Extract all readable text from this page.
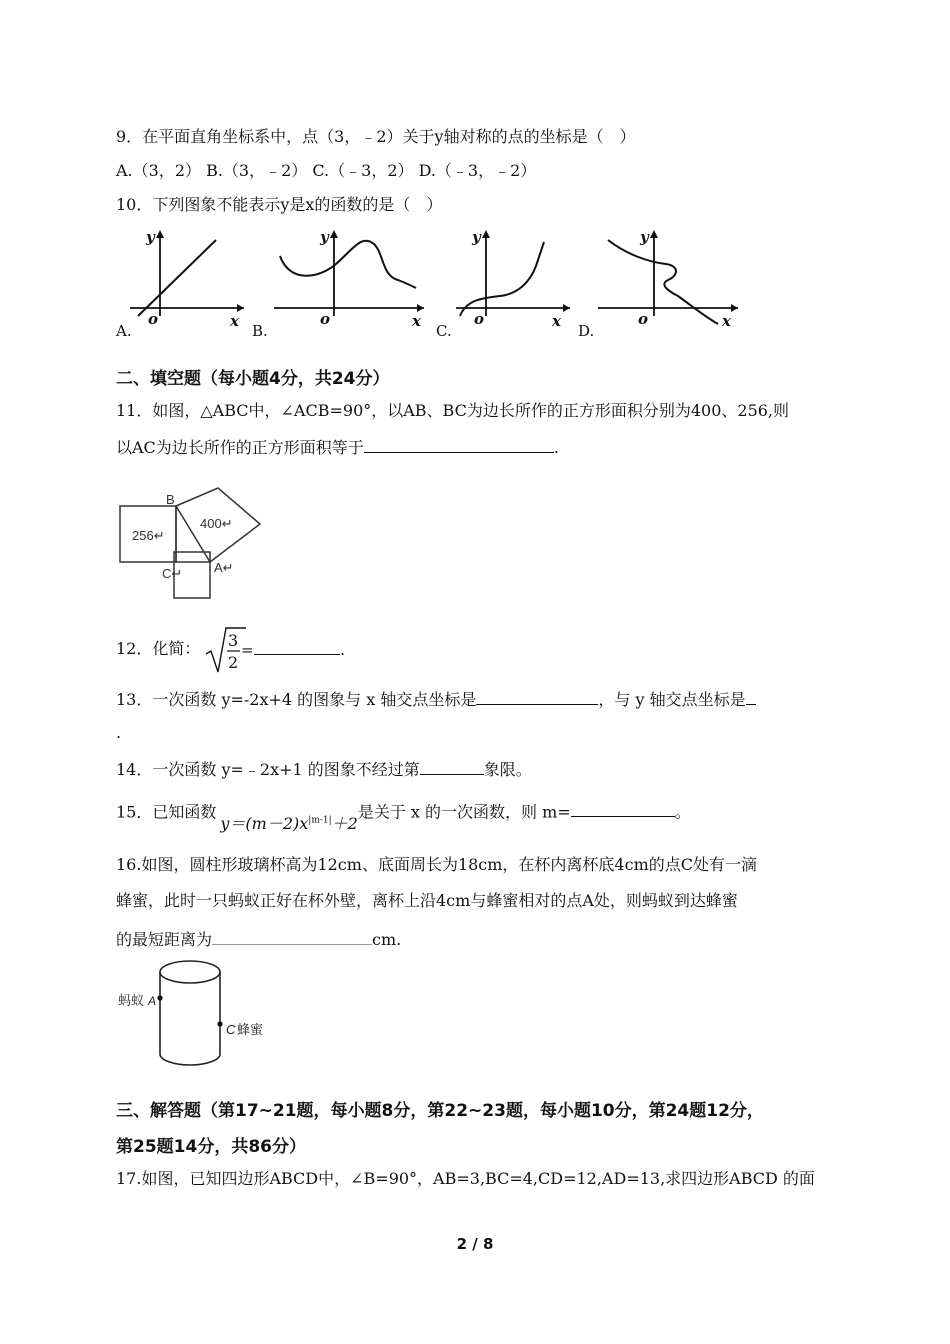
9．在平面直角坐标系中，点（3，﹣2）关于y轴对称的点的坐标是（　）
A.（3，2） B.（3，﹣2） C.（﹣3，2） D.（﹣3，﹣2）
10．下列图象不能表示y是x的函数的是（　）
y
x
o
y
x
o
y
x
o
y
x
o
A.	B.	C.	D.
二、填空题（每小题4分，共24分）
11．如图，△ABC中，∠ACB=90°，以AB、BC为边长所作的正方形面积分别为400、256,则
以AC为边长所作的正方形面积等于	.
256↵
400↵
B
C↵ A↵
12．化简： 3
2
=	.
13．一次函数 y=-2x+4 的图象与 x 轴交点坐标是	，与 y 轴交点坐标是
.
14．一次函数 y=﹣2x+1 的图象不经过第	象限。
15．已知函数$y=(m-2)x^{|m-1|}+2$是关于 x 的一次函数，则 m=	。
16.如图，圆柱形玻璃杯高为12cm、底面周长为18cm，在杯内离杯底4cm的点C处有一滴
蜂蜜，此时一只蚂蚁正好在杯外壁，离杯上沿4cm与蜂蜜相对的点A处，则蚂蚁到达蜂蜜
的最短距离为	cm.
蚂蚁 A
C 蜂蜜
三、解答题（第17~21题，每小题8分，第22~23题，每小题10分，第24题12分，
第25题14分，共86分）
17.如图，已知四边形ABCD中，∠B=90°，AB=3,BC=4,CD=12,AD=13,求四边形ABCD 的面
2 / 8
